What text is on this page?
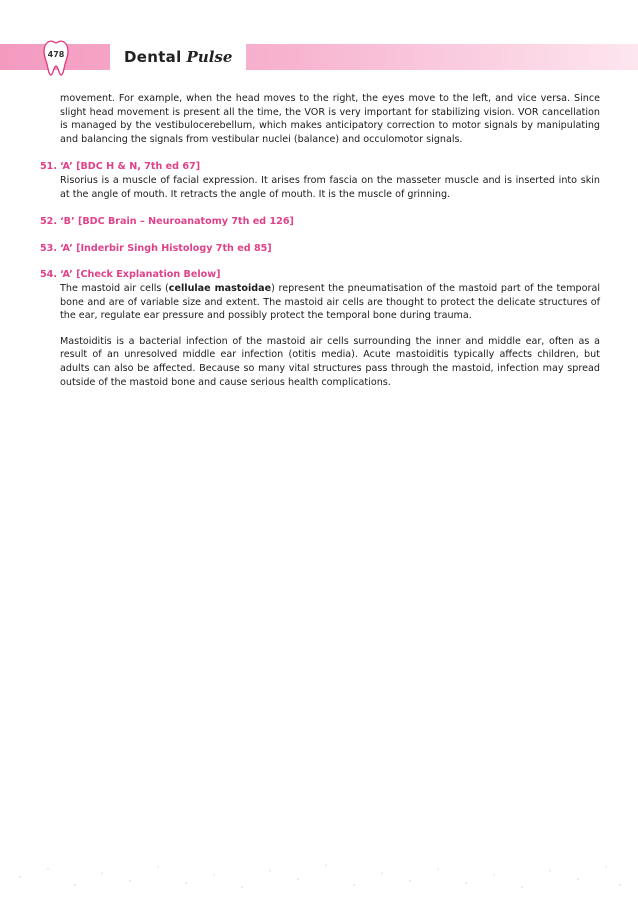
Dental Pulse
478

movement. For example, when the head moves to the right, the eyes move to the left, and vice versa. Since slight head movement is present all the time, the VOR is very important for stabilizing vision. VOR cancellation is managed by the vestibulocerebellum, which makes anticipatory correction to motor signals by manipulating and balancing the signals from vestibular nuclei (balance) and occulomotor signals.

51. ‘A’ [BDC H & N, 7th ed 67]

Risorius is a muscle of facial expression. It arises from fascia on the masseter muscle and is inserted into skin at the angle of mouth. It retracts the angle of mouth. It is the muscle of grinning.

52. ‘B’ [BDC Brain – Neuroanatomy 7th ed 126]
53. ‘A’ [Inderbir Singh Histology 7th ed 85]
54. ‘A’ [Check Explanation Below]

The mastoid air cells (cellulae mastoidae) represent the pneumatisation of the mastoid part of the temporal bone and are of variable size and extent. The mastoid air cells are thought to protect the delicate structures of the ear, regulate ear pressure and possibly protect the temporal bone during trauma.

Mastoiditis is a bacterial infection of the mastoid air cells surrounding the inner and middle ear, often as a result of an unresolved middle ear infection (otitis media). Acute mastoiditis typically affects children, but adults can also be affected. Because so many vital structures pass through the mastoid, infection may spread outside of the mastoid bone and cause serious health complications.
